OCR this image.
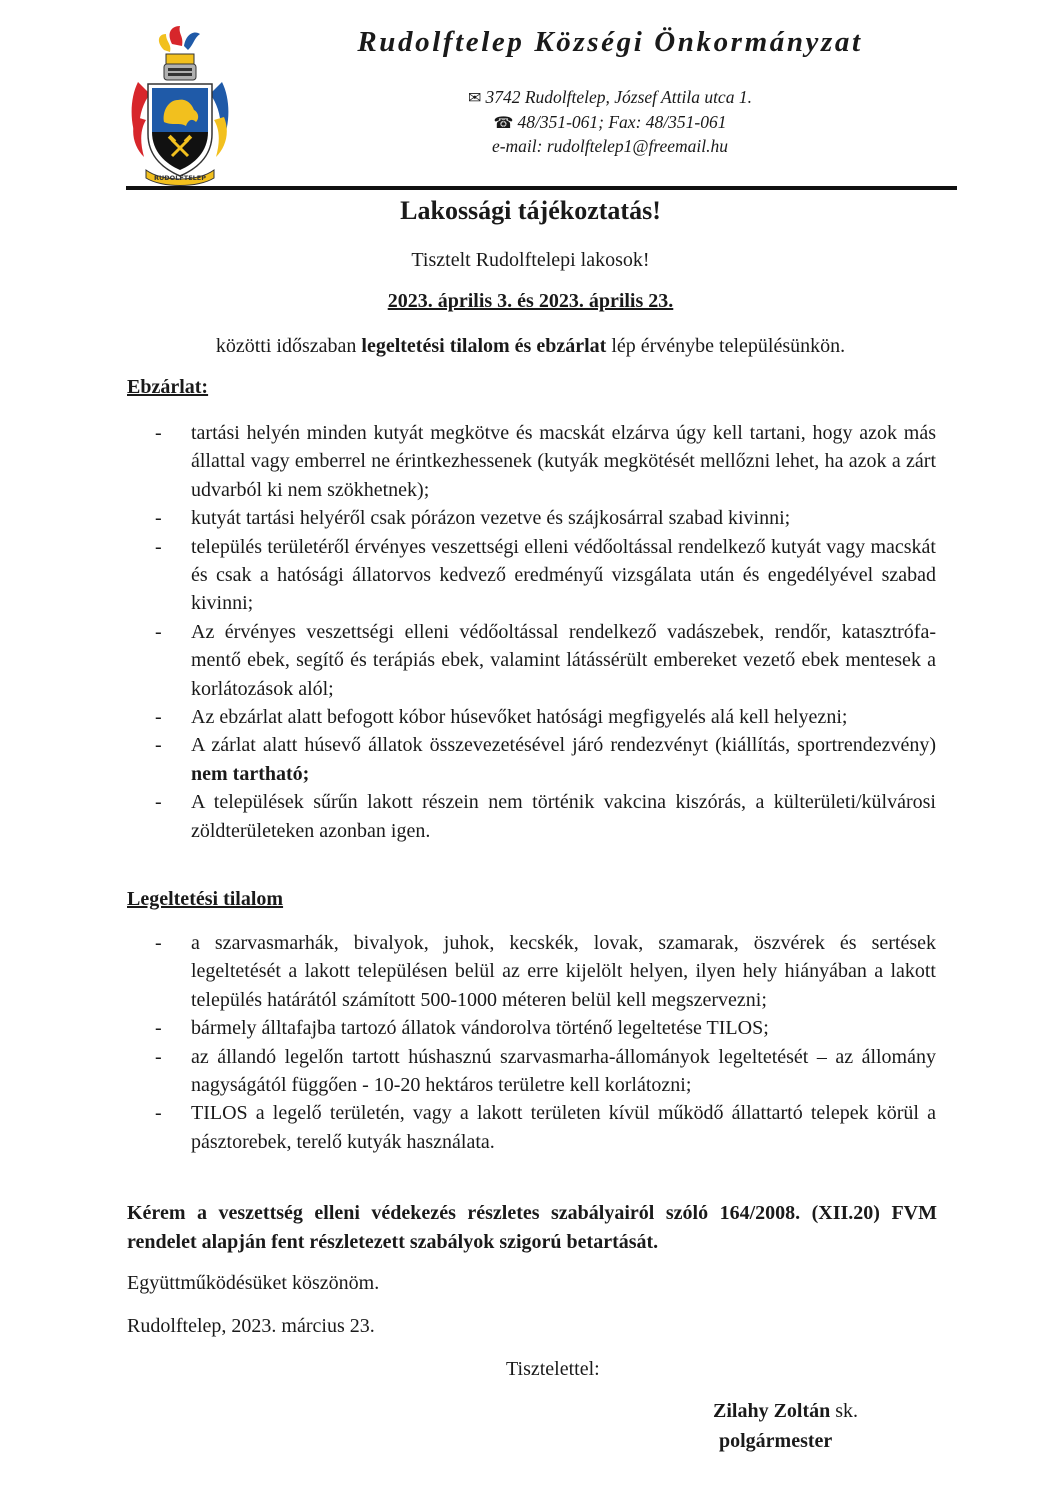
RUDOLFTELEP
Rudolftelep Községi Önkormányzat
✉ 3742 Rudolftelep, József Attila utca 1.
☎ 48/351-061; Fax: 48/351-061
e-mail: rudolftelep1@freemail.hu
Lakossági tájékoztatás!
Tisztelt Rudolftelepi lakosok!
2023. április 3. és 2023. április 23.
közötti időszaban legeltetési tilalom és ebzárlat lép érvénybe településünkön.
Ebzárlat:
- tartási helyén minden kutyát megkötve és macskát elzárva úgy kell tartani, hogy azok más állattal vagy emberrel ne érintkezhessenek (kutyák megkötését mellőzni lehet, ha azok a zárt udvarból ki nem szökhetnek);
- kutyát tartási helyéről csak pórázon vezetve és szájkosárral szabad kivinni;
- település területéről érvényes veszettségi elleni védőoltással rendelkező kutyát vagy macskát és csak a hatósági állatorvos kedvező eredményű vizsgálata után és engedélyével szabad kivinni;
- Az érvényes veszettségi elleni védőoltással rendelkező vadászebek, rendőr, katasztrófa-mentő ebek, segítő és terápiás ebek, valamint látássérült embereket vezető ebek mentesek a korlátozások alól;
- Az ebzárlat alatt befogott kóbor húsevőket hatósági megfigyelés alá kell helyezni;
- A zárlat alatt húsevő állatok összevezetésével járó rendezvényt (kiállítás, sportrendezvény) nem tartható;
- A települések sűrűn lakott részein nem történik vakcina kiszórás, a külterületi/külvárosi zöldterületeken azonban igen.
Legeltetési tilalom
- a szarvasmarhák, bivalyok, juhok, kecskék, lovak, szamarak, öszvérek és sertések legeltetését a lakott településen belül az erre kijelölt helyen, ilyen hely hiányában a lakott település határától számított 500-1000 méteren belül kell megszervezni;
- bármely álltafajba tartozó állatok vándorolva történő legeltetése TILOS;
- az állandó legelőn tartott húshasznú szarvasmarha-állományok legeltetését – az állomány nagyságától függően - 10-20 hektáros területre kell korlátozni;
- TILOS a legelő területén, vagy a lakott területen kívül működő állattartó telepek körül a pásztorebek, terelő kutyák használata.
Kérem a veszettség elleni védekezés részletes szabályairól szóló 164/2008. (XII.20) FVM rendelet alapján fent részletezett szabályok szigorú betartását.
Együttműködésüket köszönöm.
Rudolftelep, 2023. március 23.
Tisztelettel:
Zilahy Zoltán sk.
polgármester
